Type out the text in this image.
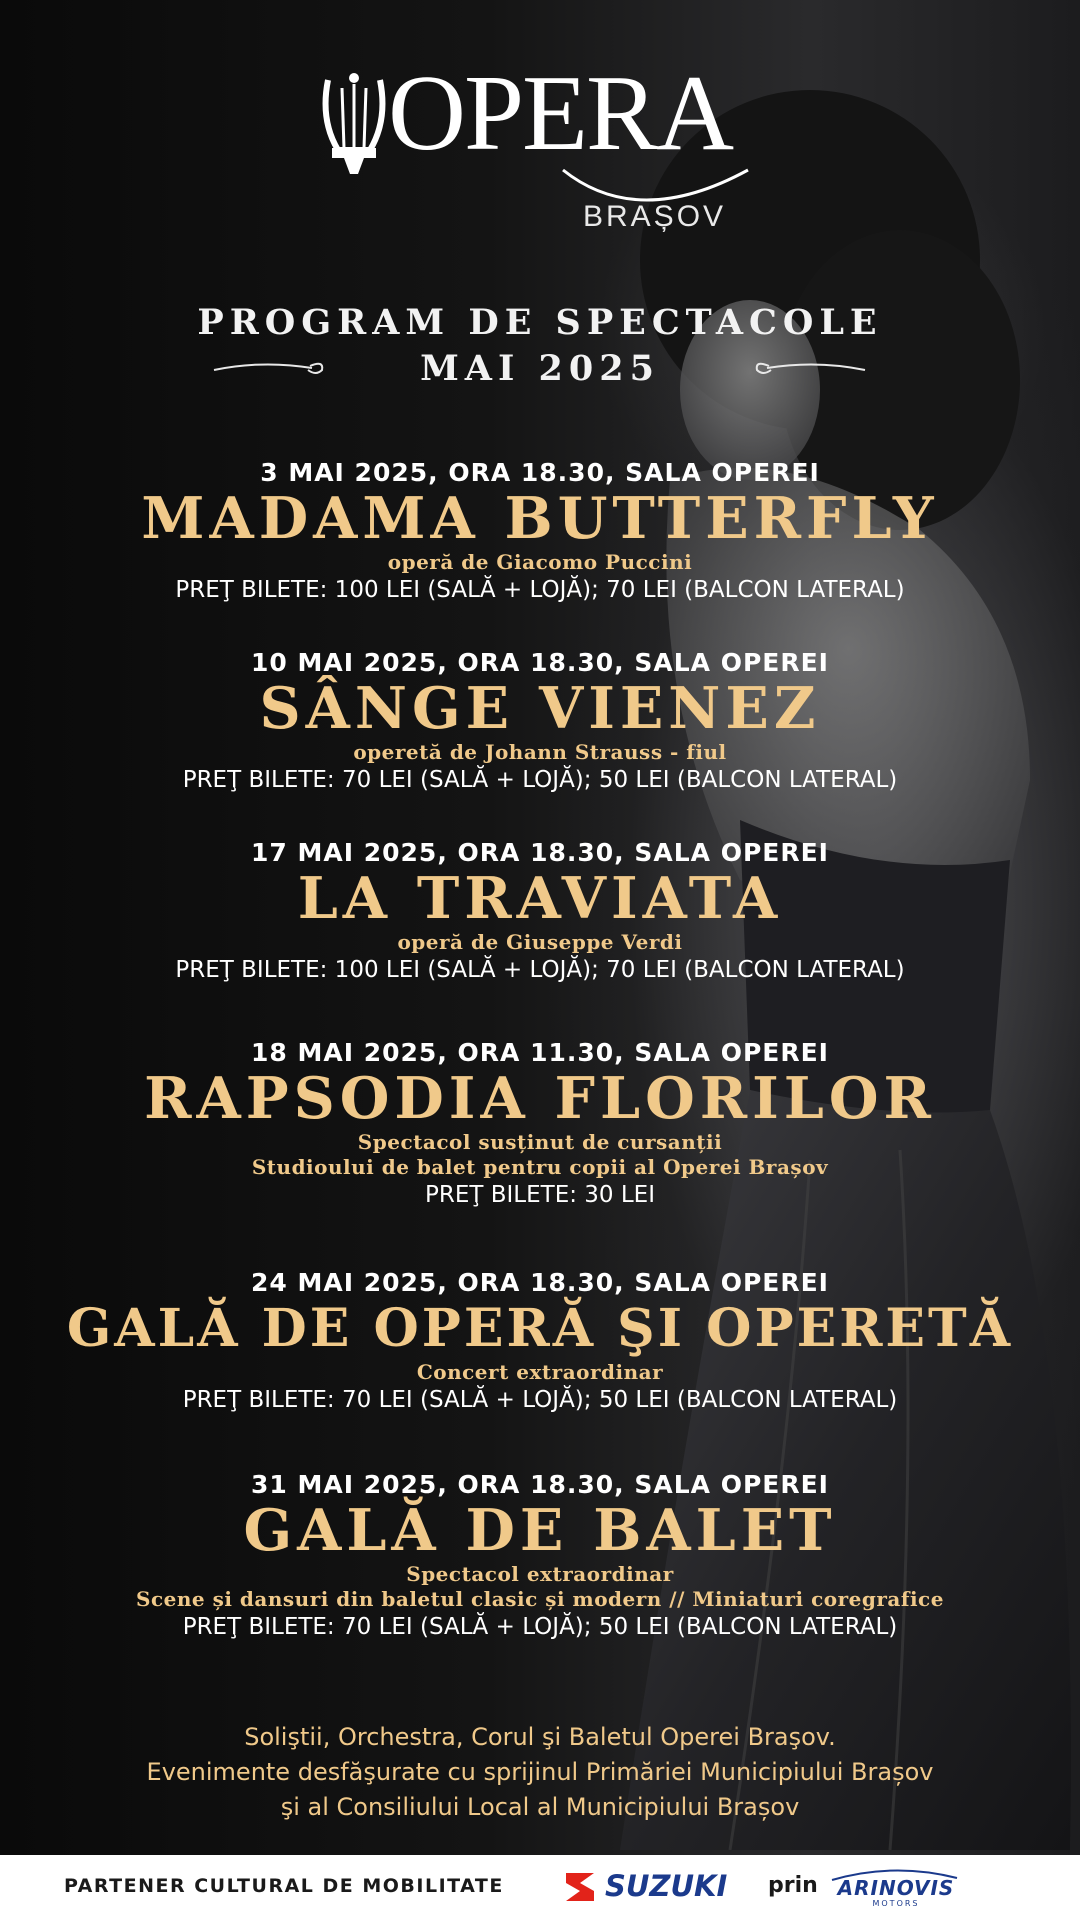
OPERA
BRAȘOV
PROGRAM DE SPECTACOLE
MAI 2025
3 MAI 2025, ORA 18.30, SALA OPEREI
MADAMA BUTTERFLY
operă de Giacomo Puccini
PREŢ BILETE: 100 LEI (SALĂ + LOJĂ); 70 LEI (BALCON LATERAL)
10 MAI 2025, ORA 18.30, SALA OPEREI
SÂNGE VIENEZ
operetă de Johann Strauss - fiul
PREŢ BILETE: 70 LEI (SALĂ + LOJĂ); 50 LEI (BALCON LATERAL)
17 MAI 2025, ORA 18.30, SALA OPEREI
LA TRAVIATA
operă de Giuseppe Verdi
PREŢ BILETE: 100 LEI (SALĂ + LOJĂ); 70 LEI (BALCON LATERAL)
18 MAI 2025, ORA 11.30, SALA OPEREI
RAPSODIA FLORILOR
Spectacol susținut de cursanții
Studioului de balet pentru copii al Operei Brașov
PREŢ BILETE: 30 LEI
24 MAI 2025, ORA 18.30, SALA OPEREI
GALĂ DE OPERĂ ŞI OPERETĂ
Concert extraordinar
PREŢ BILETE: 70 LEI (SALĂ + LOJĂ); 50 LEI (BALCON LATERAL)
31 MAI 2025, ORA 18.30, SALA OPEREI
GALĂ DE BALET
Spectacol extraordinar
Scene și dansuri din baletul clasic și modern // Miniaturi coregrafice
PREŢ BILETE: 70 LEI (SALĂ + LOJĂ); 50 LEI (BALCON LATERAL)
Soliştii, Orchestra, Corul şi Baletul Operei Braşov.
Evenimente desfăşurate cu sprijinul Primăriei Municipiului Brașov
şi al Consiliului Local al Municipiului Brașov
PARTENER CULTURAL DE MOBILITATE	SUZUKI prin ARINOVIS
MOTORS
